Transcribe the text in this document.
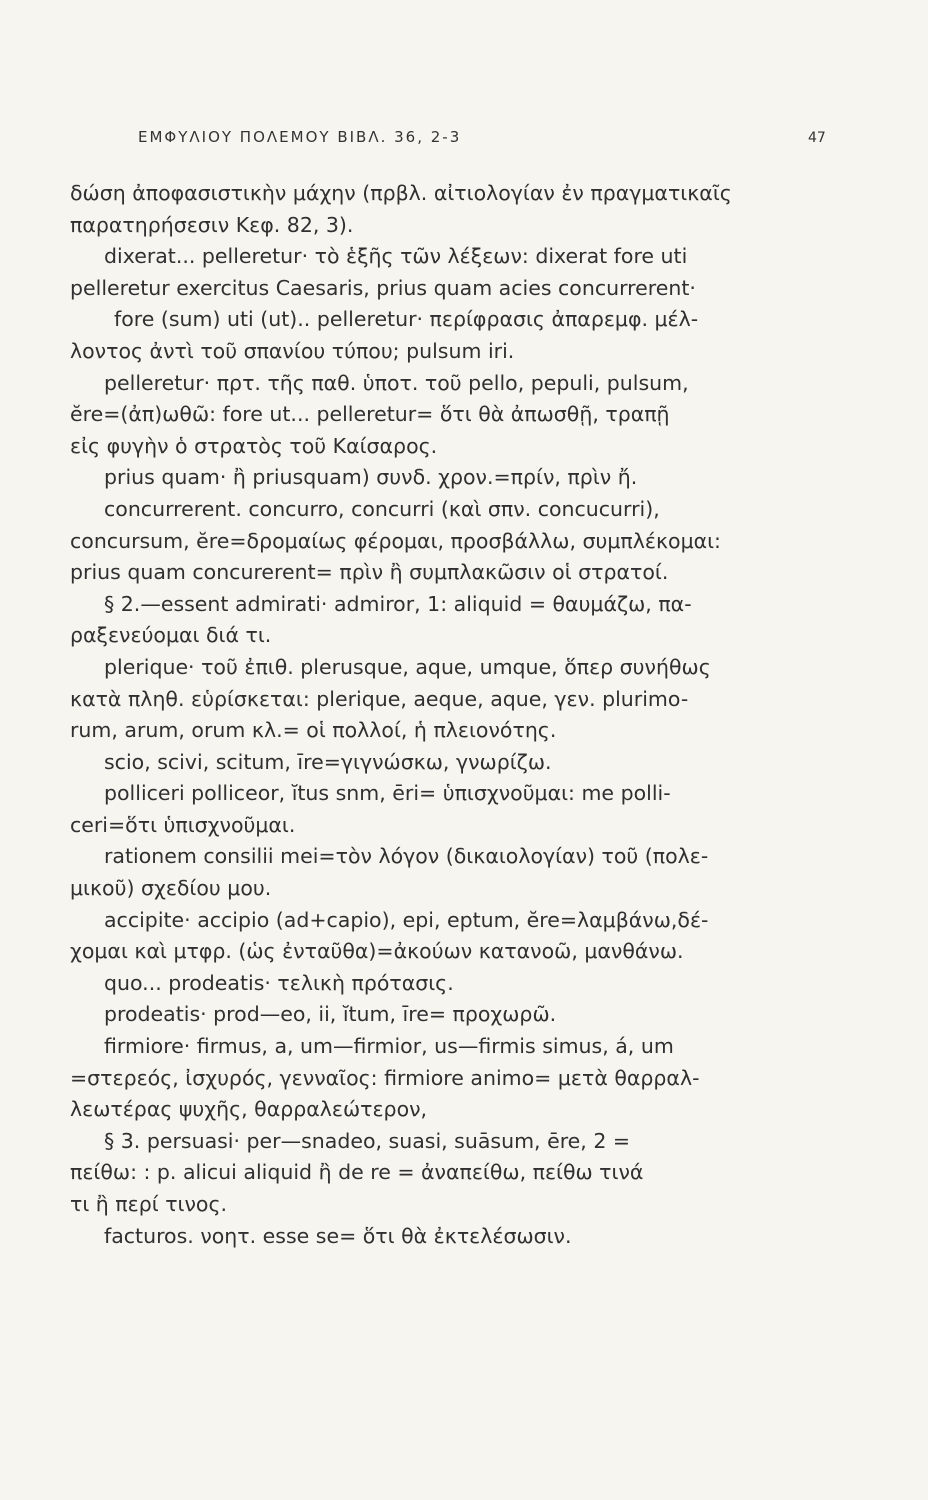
ΕΜΦΥΛΙΟΥ ΠΟΛΕΜΟΥ ΒΙΒΛ. 36, 2-3	47
δώση ἀποφασιστικὴν μάχην (πρβλ. αἰτιολογίαν ἐν πραγματικαῖς
παρατηρήσεσιν Κεφ. 82, 3).
dixerat... pelleretur· τὸ ἑξῆς τῶν λέξεων: dixerat fore uti
pelleretur exercitus Caesaris, prius quam acies concurrerent·
fore (sum) uti (ut).. pelleretur· περίφρασις ἀπαρεμφ. μέλ-
λοντος ἀντὶ τοῦ σπανίου τύπου; pulsum iri.
pelleretur· πρτ. τῆς παθ. ὑποτ. τοῦ pello, pepuli, pulsum,
ĕre=(ἀπ)ωθῶ: fore ut... pelleretur= ὅτι θὰ ἀπωσθῇ, τραπῇ
εἰς φυγὴν ὁ στρατὸς τοῦ Καίσαρος.
prius quam· ἢ priusquam) συνδ. χρον.=πρίν, πρὶν ἤ.
concurrerent. concurro, concurri (καὶ σπν. concucurri),
concursum, ĕre=δρομαίως φέρομαι, προσβάλλω, συμπλέκομαι:
prius quam concurerent= πρὶν ἢ συμπλακῶσιν οἱ στρατοί.
§ 2.—essent admirati· admiror, 1: aliquid = θαυμάζω, πα-
ραξενεύομαι διά τι.
plerique· τοῦ ἐπιθ. plerusque, aque, umque, ὅπερ συνήθως
κατὰ πληθ. εὑρίσκεται: plerique, aeque, aque, γεν. plurimo-
rum, arum, orum κλ.= οἱ πολλοί, ἡ πλειονότης.
scio, scivi, scitum, īre=γιγνώσκω, γνωρίζω.
polliceri polliceor, ĭtus snm, ēri= ὑπισχνοῦμαι: me polli-
ceri=ὅτι ὑπισχνοῦμαι.
rationem consilii mei=τὸν λόγον (δικαιολογίαν) τοῦ (πολε-
μικοῦ) σχεδίου μου.
accipite· accipio (ad+capio), epi, eptum, ĕre=λαμβάνω,δέ-
χομαι καὶ μτφρ. (ὡς ἐνταῦθα)=ἀκούων κατανοῶ, μανθάνω.
quo... prodeatis· τελικὴ πρότασις.
prodeatis· prod—eo, ii, ĭtum, īre= προχωρῶ.
firmiore· firmus, a, um—firmior, us—firmis simus, á, um
=στερεός, ἰσχυρός, γενναῖος: firmiore animo= μετὰ θαρραλ-
λεωτέρας ψυχῆς, θαρραλεώτερον,
§ 3. persuasi· per—snadeo, suasi, suāsum, ēre, 2 =
πείθω: : p. alicui aliquid ἢ de re = ἀναπείθω, πείθω τινά
τι ἢ περί τινος.
facturos. νοητ. esse se= ὅτι θὰ ἐκτελέσωσιν.
